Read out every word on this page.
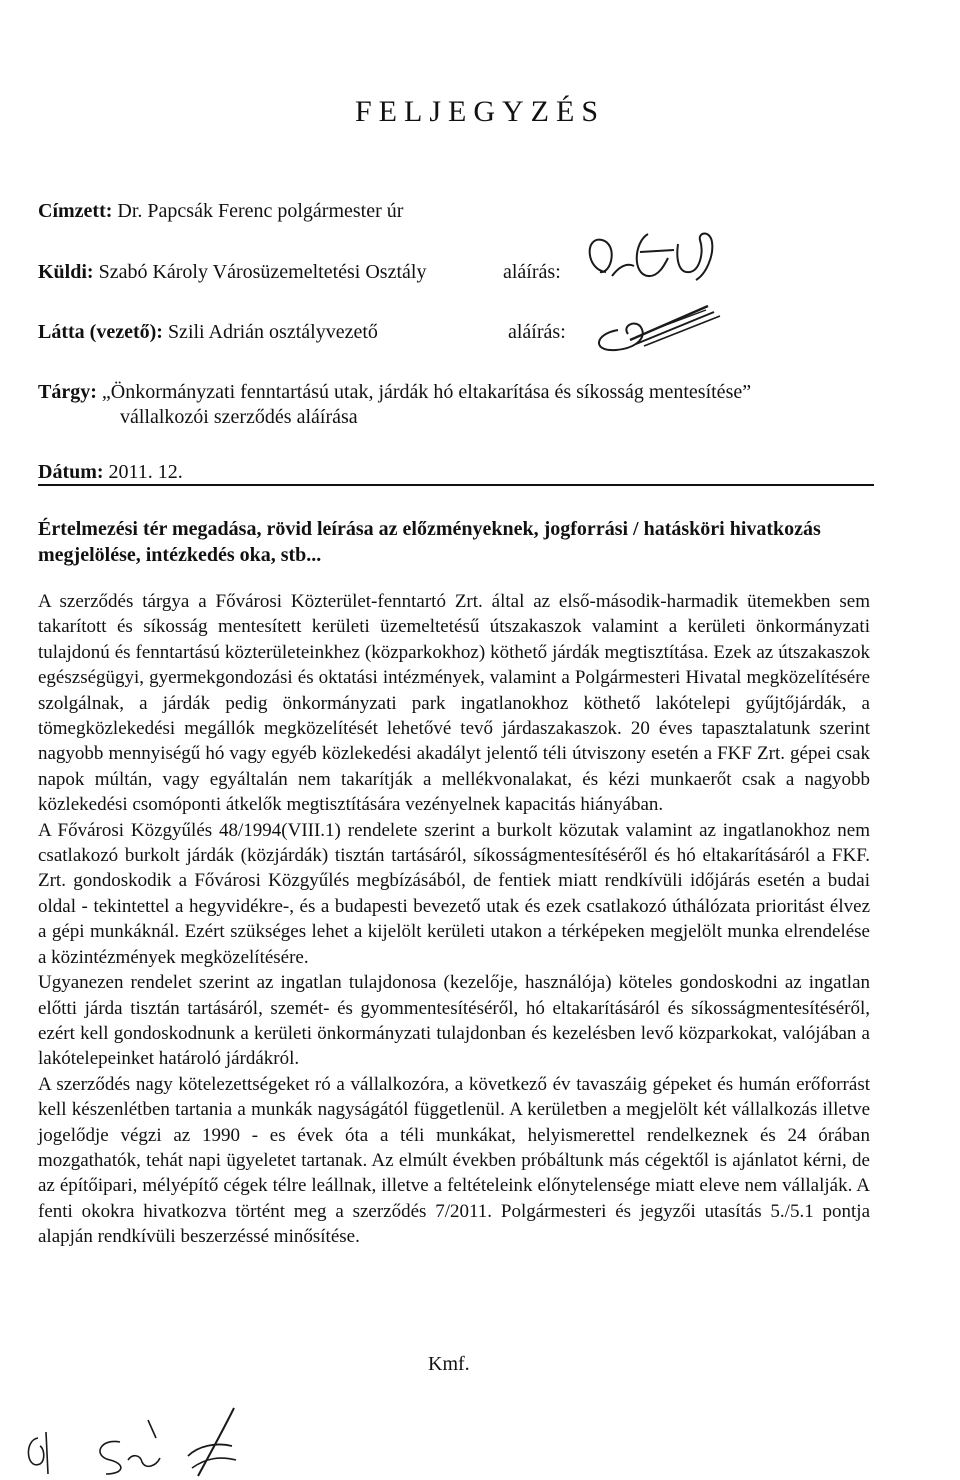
FELJEGYZÉS
Címzett: Dr. Papcsák Ferenc polgármester úr
Küldi: Szabó Károly Városüzemeltetési Osztály	aláírás:
Látta (vezető): Szili Adrián osztályvezető	aláírás:
Tárgy: „Önkormányzati fenntartású utak, járdák hó eltakarítása és síkosság mentesítése”
vállalkozói szerződés aláírása
Dátum: 2011. 12.
Értelmezési tér megadása, rövid leírása az előzményeknek, jogforrási / hatásköri hivatkozás megjelölése, intézkedés oka, stb...

A szerződés tárgya a Fővárosi Közterület-fenntartó Zrt. által az első-második-harmadik ütemekben sem takarított és síkosság mentesített kerületi üzemeltetésű útszakaszok valamint a kerületi önkormányzati tulajdonú és fenntartású közterületeinkhez (közparkokhoz) köthető járdák megtisztítása. Ezek az útszakaszok egészségügyi, gyermekgondozási és oktatási intézmények, valamint a Polgármesteri Hivatal megközelítésére szolgálnak, a járdák pedig önkormányzati park ingatlanokhoz köthető lakótelepi gyűjtőjárdák, a tömegközlekedési megállók megközelítését lehetővé tevő járdaszakaszok. 20 éves tapasztalatunk szerint nagyobb mennyiségű hó vagy egyéb közlekedési akadályt jelentő téli útviszony esetén a FKF Zrt. gépei csak napok múltán, vagy egyáltalán nem takarítják a mellékvonalakat, és kézi munkaerőt csak a nagyobb közlekedési csomóponti átkelők megtisztítására vezényelnek kapacitás hiányában.

A Fővárosi Közgyűlés 48/1994(VIII.1) rendelete szerint a burkolt közutak valamint az ingatlanokhoz nem csatlakozó burkolt járdák (közjárdák) tisztán tartásáról, síkosságmentesítéséről és hó eltakarításáról a FKF. Zrt. gondoskodik a Fővárosi Közgyűlés megbízásából, de fentiek miatt rendkívüli időjárás esetén a budai oldal - tekintettel a hegyvidékre-, és a budapesti bevezető utak és ezek csatlakozó úthálózata prioritást élvez a gépi munkáknál. Ezért szükséges lehet a kijelölt kerületi utakon a térképeken megjelölt munka elrendelése a közintézmények megközelítésére.

Ugyanezen rendelet szerint az ingatlan tulajdonosa (kezelője, használója) köteles gondoskodni az ingatlan előtti járda tisztán tartásáról, szemét- és gyommentesítéséről, hó eltakarításáról és síkosságmentesítéséről, ezért kell gondoskodnunk a kerületi önkormányzati tulajdonban és kezelésben levő közparkokat, valójában a lakótelepeinket határoló járdákról.

A szerződés nagy kötelezettségeket ró a vállalkozóra, a következő év tavaszáig gépeket és humán erőforrást kell készenlétben tartania a munkák nagyságától függetlenül. A kerületben a megjelölt két vállalkozás illetve jogelődje végzi az 1990 - es évek óta a téli munkákat, helyismerettel rendelkeznek és 24 órában mozgathatók, tehát napi ügyeletet tartanak. Az elmúlt években próbáltunk más cégektől is ajánlatot kérni, de az építőipari, mélyépítő cégek télre leállnak, illetve a feltételeink előnytelensége miatt eleve nem vállalják. A fenti okokra hivatkozva történt meg a szerződés 7/2011. Polgármesteri és jegyzői utasítás 5./5.1 pontja alapján rendkívüli beszerzéssé minősítése.

Kmf.
